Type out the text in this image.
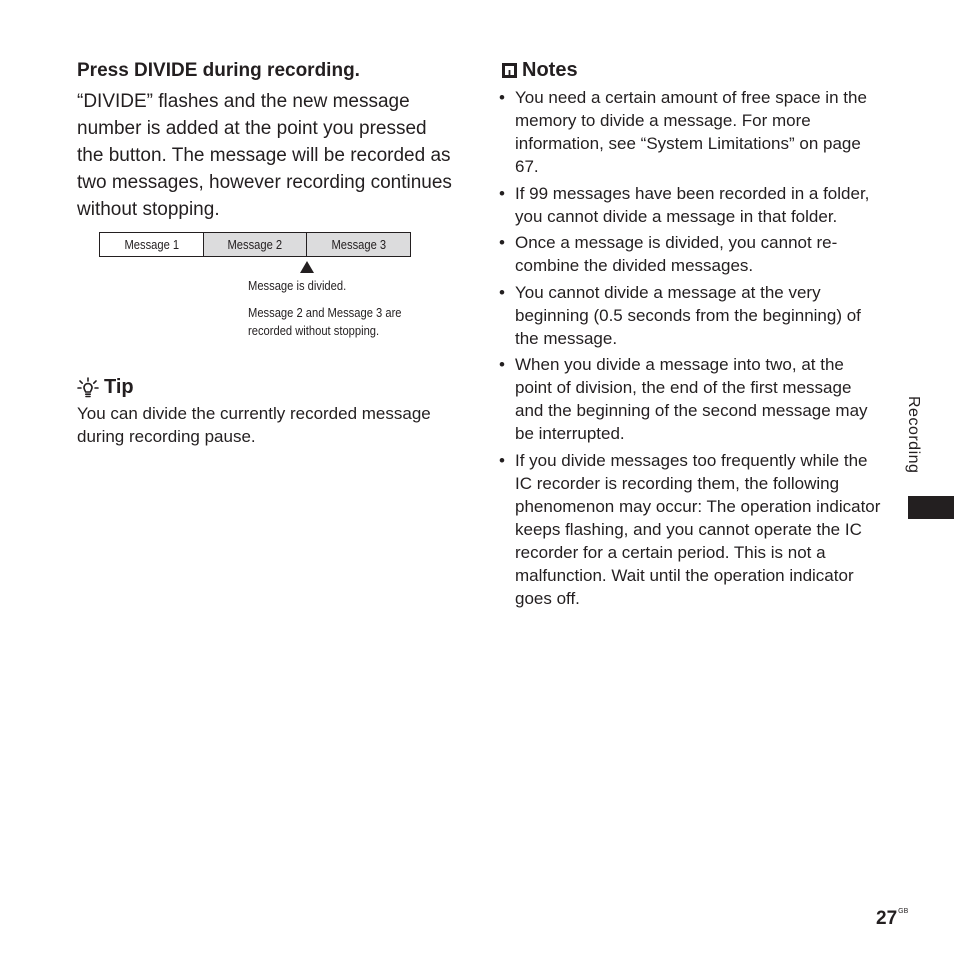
Press DIVIDE during recording.
“DIVIDE” flashes and the new message number is added at the point you pressed the button. The message will be recorded as two messages, however recording continues without stopping.
Message 1	Message 2	Message 3
Message is divided.
Message 2 and Message 3 are recorded without stopping.
Tip
You can divide the currently recorded message during recording pause.
Notes
• You need a certain amount of free space in the memory to divide a message. For more information, see “System Limitations” on page 67.
• If 99 messages have been recorded in a folder, you cannot divide a message in that folder.
• Once a message is divided, you cannot re-combine the divided messages.
• You cannot divide a message at the very beginning (0.5 seconds from the beginning) of the message.
• When you divide a message into two, at the point of division, the end of the first message and the beginning of the second message may be interrupted.
• If you divide messages too frequently while the IC recorder is recording them, the following phenomenon may occur: The operation indicator keeps flashing, and you cannot operate the IC recorder for a certain period. This is not a malfunction. Wait until the operation indicator goes off.
Recording
$27^{GB}$
